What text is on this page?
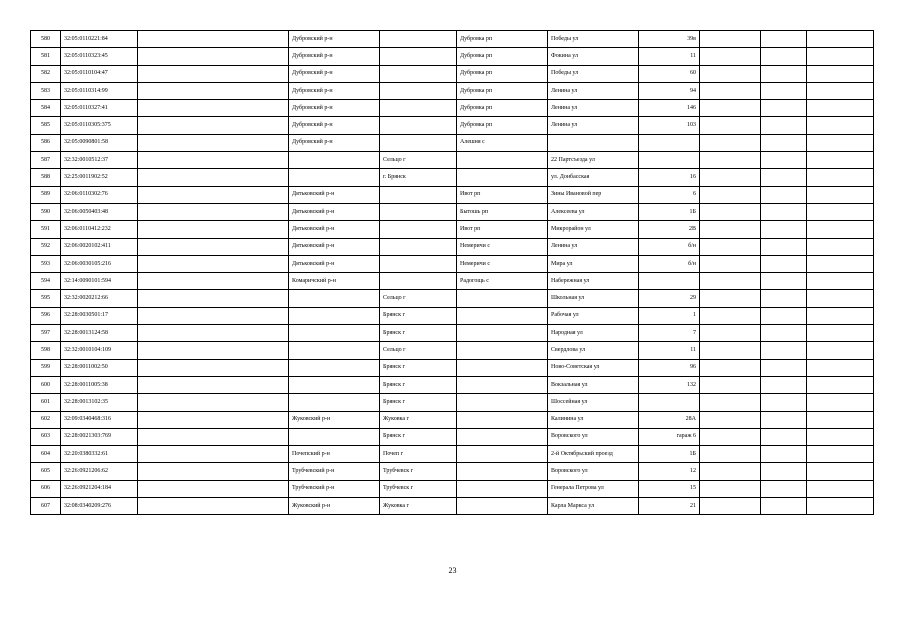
580	32:05:0110221:84		Дубровский р-н		Дубровка рп	Победы ул	39в			
581	32:05:0110323:45		Дубровский р-н		Дубровка рп	Фокина ул	11			
582	32:05:0110104:47		Дубровский р-н		Дубровка рп	Победы ул	60			
583	32:05:0110314:99		Дубровский р-н		Дубровка рп	Ленина ул	94			
584	32:05:0110327:41		Дубровский р-н		Дубровка рп	Ленина ул	146			
585	32:05:0110305:375		Дубровский р-н		Дубровка рп	Ленина ул	103			
586	32:05:0090801:58		Дубровский р-н		Алешня с					
587	32:32:0010512:37			Сельцо г		22 Партсъезда ул				
588	32:25:0011902:52			г. Брянск		ул. Донбасская	16			
589	32:06:0110302:76		Дятьковский р-н		Ивот рп	Зины Ивановой пер	6			
590	32:06:0050403:48		Дятьковский р-н		Бытошь рп	Алексеева ул	1Б			
591	32:06:0110412:232		Дятьковский р-н		Ивот рп	Микрорайон ул	2В			
592	32:06:0020102:411		Дятьковский р-н		Немеричи с	Ленина ул	б/н			
593	32:06:0030105:216		Дятьковский р-н		Немеричи с	Мира ул	б/н			
594	32:14:0090101:594		Комаричский р-н		Радогощь с	Набережная ул				
595	32:32:0020212:66			Сельцо г		Школьная ул	29			
596	32:28:0030501:17			Брянск г		Рабочая ул	1			
597	32:28:0013124:58			Брянск г		Народная ул	7			
598	32:32:0010104:109			Сельцо г		Свердлова ул	11			
599	32:28:0011002:50			Брянск г		Ново-Советская ул	96			
600	32:28:0011005:38			Брянск г		Вокзальная ул	132			
601	32:28:0013102:35			Брянск г		Шоссейная ул				
602	32:09:0340468:316		Жуковский р-н	Жуковка г		Калинина ул	28А			
603	32:28:0021303:769			Брянск г		Воровского ул	гараж 6			
604	32:20:0380332:61		Почепский р-н	Почеп г		2-й Октябрьский проезд	1Б			
605	32:26:0921206:62		Трубчевский р-н	Трубчевск г		Воровского ул	12			
606	32:26:0921204:184		Трубчевский р-н	Трубчевск г		Генерала Петрова ул	15			
607	32:08:0340209:276		Жуковский р-н	Жуковка г		Карла Маркса ул	21			
23
